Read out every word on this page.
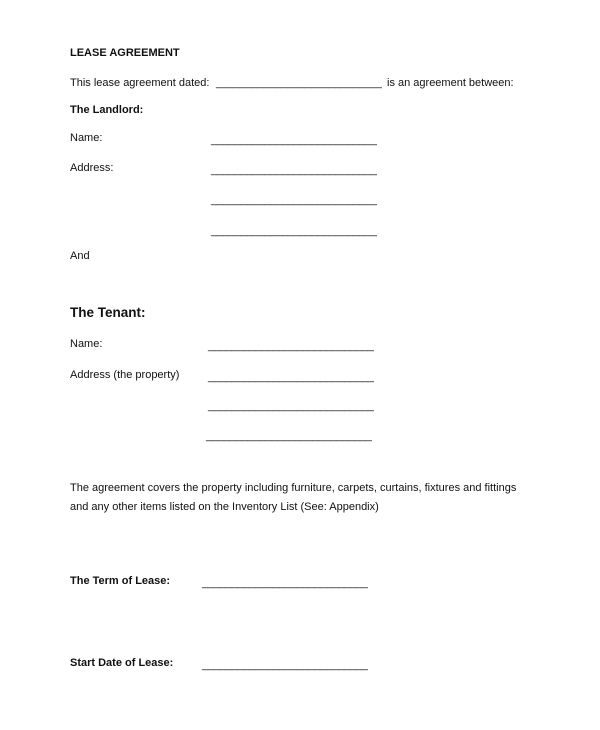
LEASE AGREEMENT
This lease agreement dated: ____________________________ is an agreement between:
The Landlord:
Name:	____________________________
Address:	____________________________
____________________________
____________________________
And
The Tenant:
Name:	____________________________
Address (the property)	____________________________
____________________________
____________________________
The agreement covers the property including furniture, carpets, curtains, fixtures and fittings
and any other items listed on the Inventory List (See: Appendix)
The Term of Lease:	____________________________
Start Date of Lease:	____________________________
